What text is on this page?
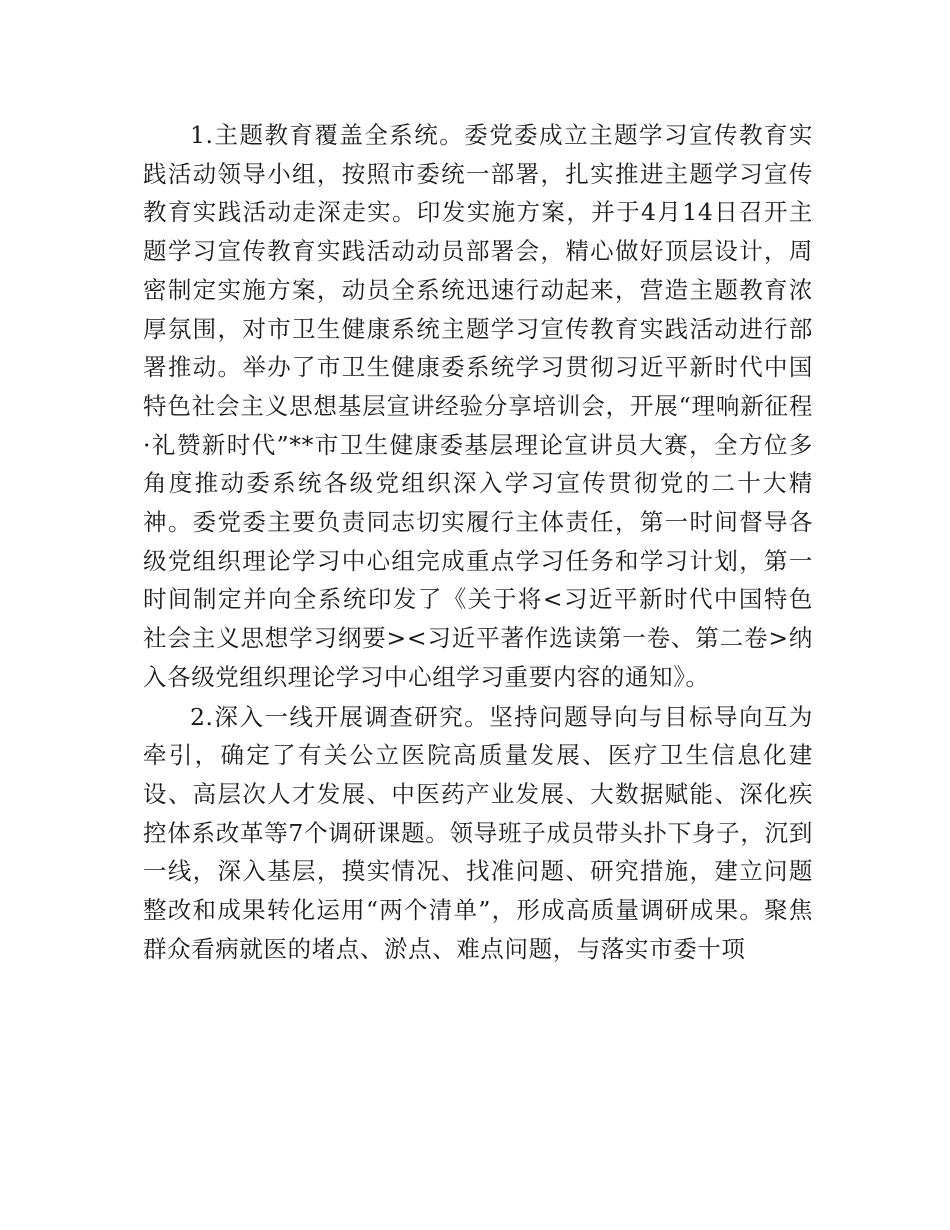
1.主题教育覆盖全系统。委党委成立主题学习宣传教育实践活动领导小组，按照市委统一部署，扎实推进主题学习宣传教育实践活动走深走实。印发实施方案，并于4月14日召开主题学习宣传教育实践活动动员部署会，精心做好顶层设计，周密制定实施方案，动员全系统迅速行动起来，营造主题教育浓厚氛围，对市卫生健康系统主题学习宣传教育实践活动进行部署推动。举办了市卫生健康委系统学习贯彻习近平新时代中国特色社会主义思想基层宣讲经验分享培训会，开展“理响新征程·礼赞新时代”**市卫生健康委基层理论宣讲员大赛，全方位多角度推动委系统各级党组织深入学习宣传贯彻党的二十大精神。委党委主要负责同志切实履行主体责任，第一时间督导各级党组织理论学习中心组完成重点学习任务和学习计划，第一时间制定并向全系统印发了《关于将<习近平新时代中国特色社会主义思想学习纲要><习近平著作选读第一卷、第二卷>纳入各级党组织理论学习中心组学习重要内容的通知》。

2.深入一线开展调查研究。坚持问题导向与目标导向互为牵引，确定了有关公立医院高质量发展、医疗卫生信息化建设、高层次人才发展、中医药产业发展、大数据赋能、深化疾控体系改革等7个调研课题。领导班子成员带头扑下身子，沉到一线，深入基层，摸实情况、找准问题、研究措施，建立问题整改和成果转化运用“两个清单”，形成高质量调研成果。聚焦群众看病就医的堵点、淤点、难点问题，与落实市委十项
